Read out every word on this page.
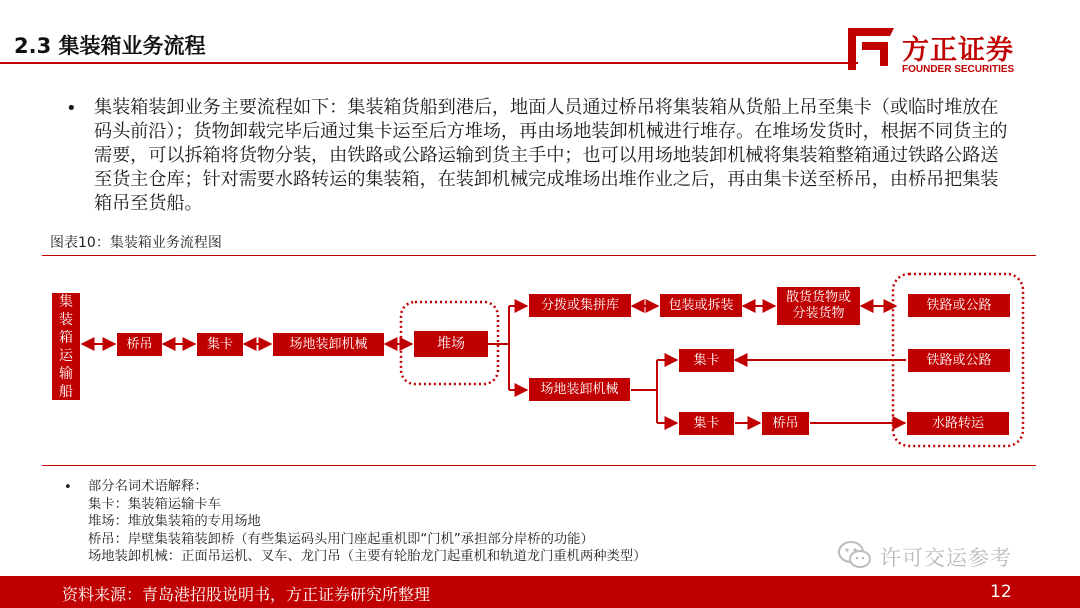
2.3 集装箱业务流程	方正证券
FOUNDER SECURITIES
• 集装箱装卸业务主要流程如下：集装箱货船到港后，地面人员通过桥吊将集装箱从货船上吊至集卡（或临时堆放在码头前沿）；货物卸载完毕后通过集卡运至后方堆场，再由场地装卸机械进行堆存。在堆场发货时，根据不同货主的需要，可以拆箱将货物分装，由铁路或公路运输到货主手中；也可以用场地装卸机械将集装箱整箱通过铁路公路送至货主仓库；针对需要水路转运的集装箱，在装卸机械完成堆场出堆作业之后，再由集卡送至桥吊，由桥吊把集装箱吊至货船。
图表10：集装箱业务流程图
集
装
箱
运
输
船
桥吊	集卡	场地装卸机械	堆场
分拨或集拼库	包装或拆装	散货货物或
分装货物
铁路或公路
场地装卸机械
集卡	铁路或公路
集卡	桥吊	水路转运
• 部分名词术语解释：
集卡：集装箱运输卡车
堆场：堆放集装箱的专用场地
桥吊：岸壁集装箱装卸桥（有些集运码头用门座起重机即“门机”承担部分岸桥的功能）
场地装卸机械：正面吊运机、叉车、龙门吊（主要有轮胎龙门起重机和轨道龙门重机两种类型）	许可交运参考
资料来源：青岛港招股说明书，方正证券研究所整理	12
